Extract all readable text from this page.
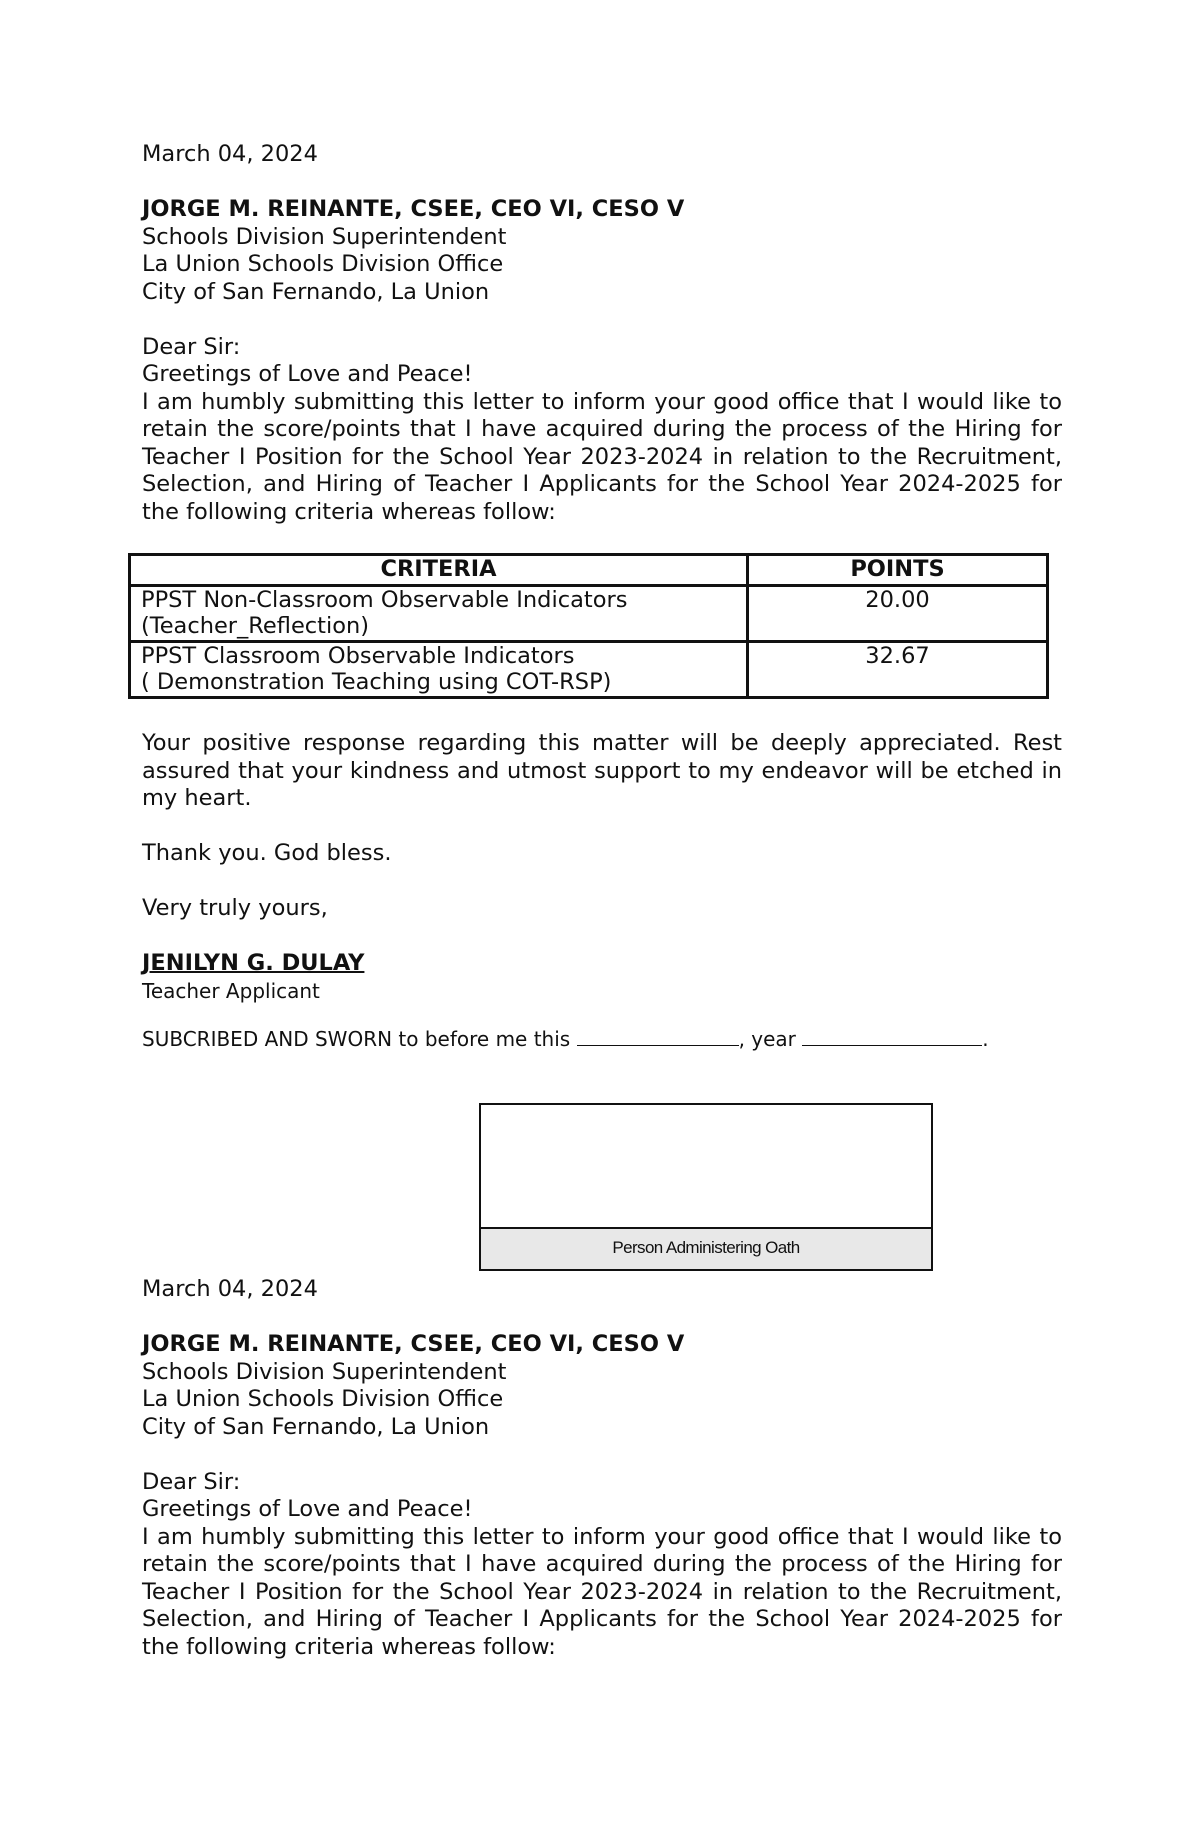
March 04, 2024

JORGE M. REINANTE, CSEE, CEO VI, CESO V

Schools Division Superintendent

La Union Schools Division Office

City of San Fernando, La Union

Dear Sir:

Greetings of Love and Peace!

I am humbly submitting this letter to inform your good office that I would like to retain the score/points that I have acquired during the process of the Hiring for Teacher I Position for the School Year 2023-2024 in relation to the Recruitment, Selection, and Hiring of Teacher I Applicants for the School Year 2024-2025 for the following criteria whereas follow:

CRITERIA	POINTS
PPST Non-Classroom Observable Indicators
(Teacher_Reflection)	20.00
PPST Classroom Observable Indicators
( Demonstration Teaching using COT-RSP)	32.67

Your positive response regarding this matter will be deeply appreciated. Rest assured that your kindness and utmost support to my endeavor will be etched in my heart.

Thank you. God bless.

Very truly yours,

JENILYN G. DULAY

Teacher Applicant

SUBCRIBED AND SWORN to before me this	, year	.

Person Administering Oath

March 04, 2024

JORGE M. REINANTE, CSEE, CEO VI, CESO V

Schools Division Superintendent

La Union Schools Division Office

City of San Fernando, La Union

Dear Sir:

Greetings of Love and Peace!

I am humbly submitting this letter to inform your good office that I would like to retain the score/points that I have acquired during the process of the Hiring for Teacher I Position for the School Year 2023-2024 in relation to the Recruitment, Selection, and Hiring of Teacher I Applicants for the School Year 2024-2025 for the following criteria whereas follow:
